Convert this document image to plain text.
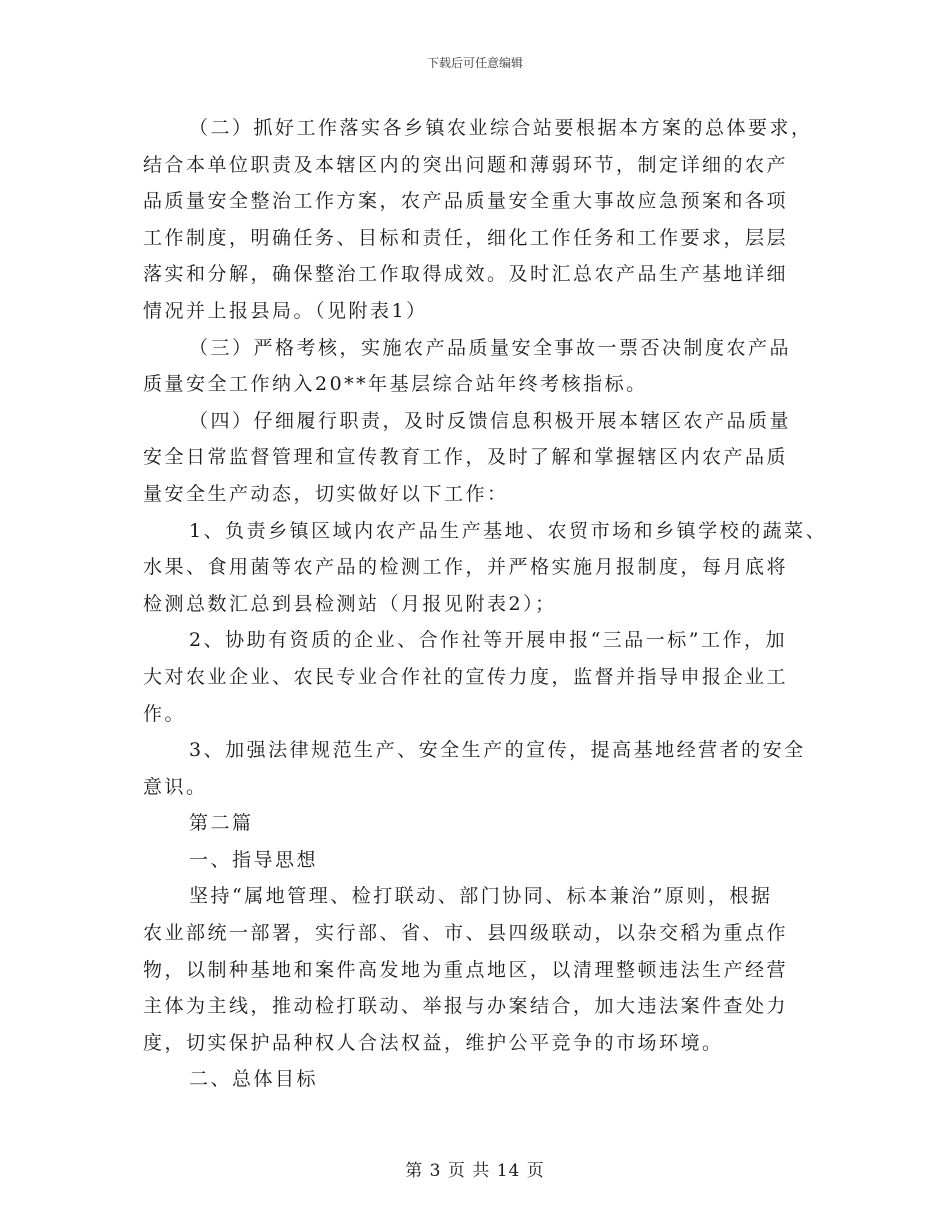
下载后可任意编辑
（二）抓好工作落实各乡镇农业综合站要根据本方案的总体要求，
结合本单位职责及本辖区内的突出问题和薄弱环节，制定详细的农产
品质量安全整治工作方案，农产品质量安全重大事故应急预案和各项
工作制度，明确任务、目标和责任，细化工作任务和工作要求，层层
落实和分解，确保整治工作取得成效。及时汇总农产品生产基地详细
情况并上报县局。（见附表1）
（三）严格考核，实施农产品质量安全事故一票否决制度农产品
质量安全工作纳入20**年基层综合站年终考核指标。
（四）仔细履行职责，及时反馈信息积极开展本辖区农产品质量
安全日常监督管理和宣传教育工作，及时了解和掌握辖区内农产品质
量安全生产动态，切实做好以下工作：
1、负责乡镇区域内农产品生产基地、农贸市场和乡镇学校的蔬菜、
水果、食用菌等农产品的检测工作，并严格实施月报制度，每月底将
检测总数汇总到县检测站（月报见附表2）；
2、协助有资质的企业、合作社等开展申报“三品一标”工作，加
大对农业企业、农民专业合作社的宣传力度，监督并指导申报企业工
作。
3、加强法律规范生产、安全生产的宣传，提高基地经营者的安全
意识。
第二篇
一、指导思想
坚持“属地管理、检打联动、部门协同、标本兼治”原则，根据
农业部统一部署，实行部、省、市、县四级联动，以杂交稻为重点作
物，以制种基地和案件高发地为重点地区，以清理整顿违法生产经营
主体为主线，推动检打联动、举报与办案结合，加大违法案件查处力
度，切实保护品种权人合法权益，维护公平竞争的市场环境。
二、总体目标
第 3 页 共 14 页
